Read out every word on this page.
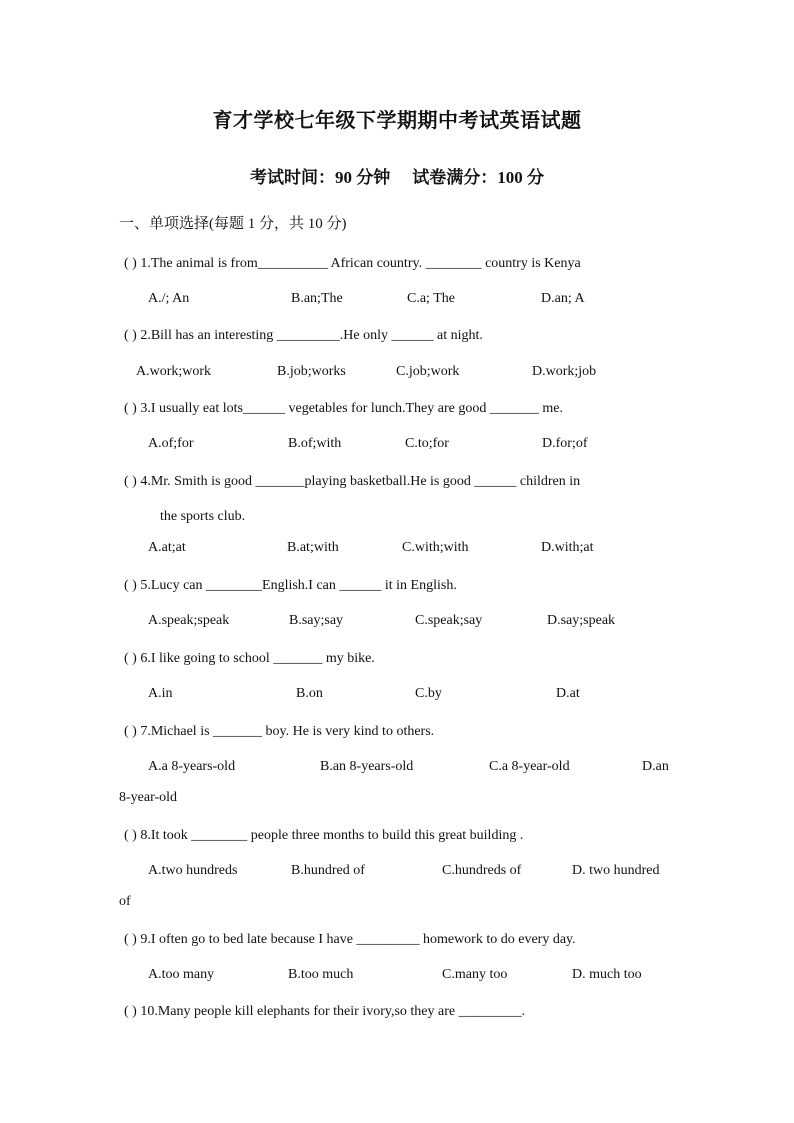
育才学校七年级下学期期中考试英语试题
考试时间：90 分钟 试卷满分：100 分
一、单项选择(每题 1 分，共 10 分)
( ) 1.The animal is from__________ African country. ________ country is Kenya
A./; An	B.an;The	C.a; The	D.an; A
( ) 2.Bill has an interesting _________.He only ______ at night.
A.work;work	B.job;works	C.job;work	D.work;job
( ) 3.I usually eat lots______ vegetables for lunch.They are good _______ me.
A.of;for	B.of;with	C.to;for	D.for;of
( ) 4.Mr. Smith is good _______playing basketball.He is good ______ children in
the sports club.
A.at;at	B.at;with	C.with;with	D.with;at
( ) 5.Lucy can ________English.I can ______ it in English.
A.speak;speak	B.say;say	C.speak;say	D.say;speak
( ) 6.I like going to school _______ my bike.
A.in	B.on	C.by	D.at
( ) 7.Michael is _______ boy. He is very kind to others.
A.a 8-years-old	B.an 8-years-old	C.a 8-year-old	D.an
8-year-old
( ) 8.It took ________ people three months to build this great building .
A.two hundreds	B.hundred of	C.hundreds of	D. two hundred
of
( ) 9.I often go to bed late because I have _________ homework to do every day.
A.too many	B.too much	C.many too	D. much too
( ) 10.Many people kill elephants for their ivory,so they are _________.
